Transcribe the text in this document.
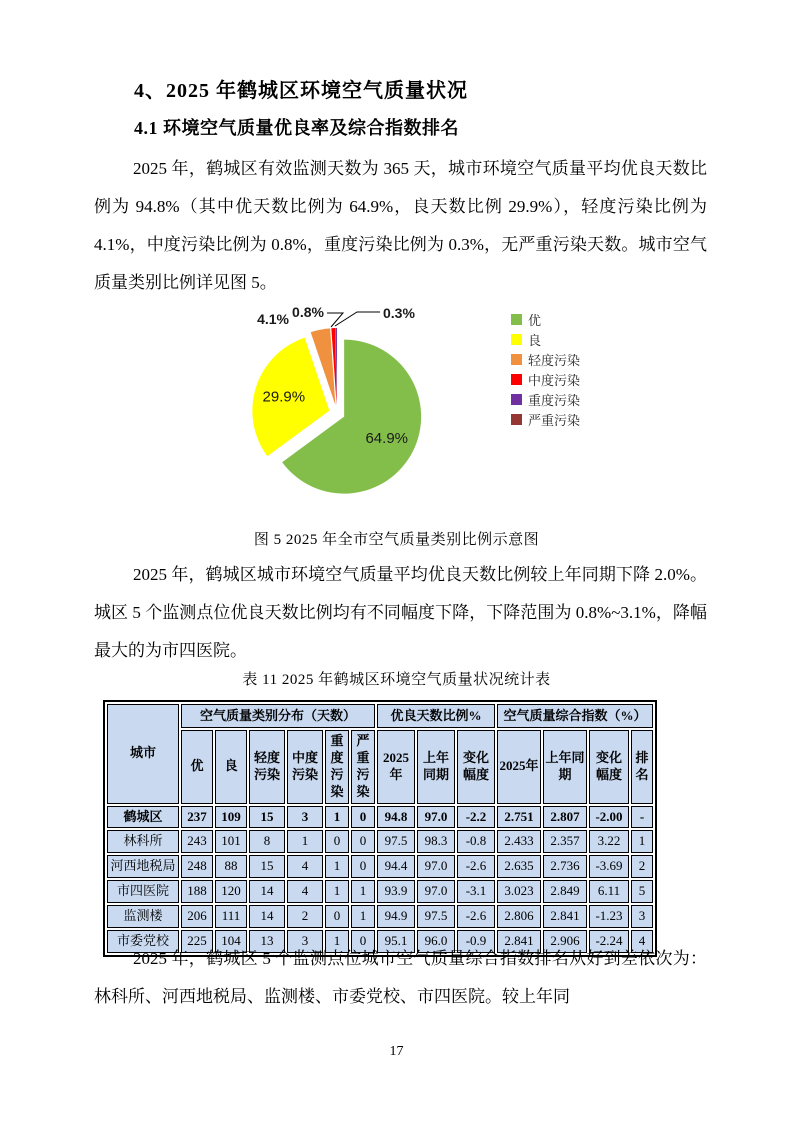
4、2025 年鹤城区环境空气质量状况
4.1 环境空气质量优良率及综合指数排名

2025 年，鹤城区有效监测天数为 365 天，城市环境空气质量平均优良天数比例为 94.8%（其中优天数比例为 64.9%，良天数比例 29.9%），轻度污染比例为 4.1%，中度污染比例为 0.8%，重度污染比例为 0.3%，无严重污染天数。城市空气质量类别比例详见图 5。

64.9%
29.9%
4.1% 0.8%	0.3%	优
良
轻度污染
中度污染
重度污染
严重污染
图 5 2025 年全市空气质量类别比例示意图

2025 年，鹤城区城市环境空气质量平均优良天数比例较上年同期下降 2.0%。城区 5 个监测点位优良天数比例均有不同幅度下降，下降范围为 0.8%~3.1%，降幅最大的为市四医院。

表 11 2025 年鹤城区环境空气质量状况统计表
城市	空气质量类别分布（天数）						优良天数比例%			空气质量综合指数（%）			
	优	良	轻度污染	中度污染	重度污染	严重污染	2025年	上年同期	变化幅度	2025年	上年同期	变化幅度	排名
鹤城区	237	109	15	3	1	0	94.8	97.0	-2.2	2.751	2.807	-2.00	-
林科所	243	101	8	1	0	0	97.5	98.3	-0.8	2.433	2.357	3.22	1
河西地税局	248	88	15	4	1	0	94.4	97.0	-2.6	2.635	2.736	-3.69	2
市四医院	188	120	14	4	1	1	93.9	97.0	-3.1	3.023	2.849	6.11	5
监测楼	206	111	14	2	0	1	94.9	97.5	-2.6	2.806	2.841	-1.23	3
市委党校	225	104	13	3	1	0	95.1	96.0	-0.9	2.841	2.906	-2.24	4

2025 年，鹤城区 5 个监测点位城市空气质量综合指数排名从好到差依次为：林科所、河西地税局、监测楼、市委党校、市四医院。较上年同

17
